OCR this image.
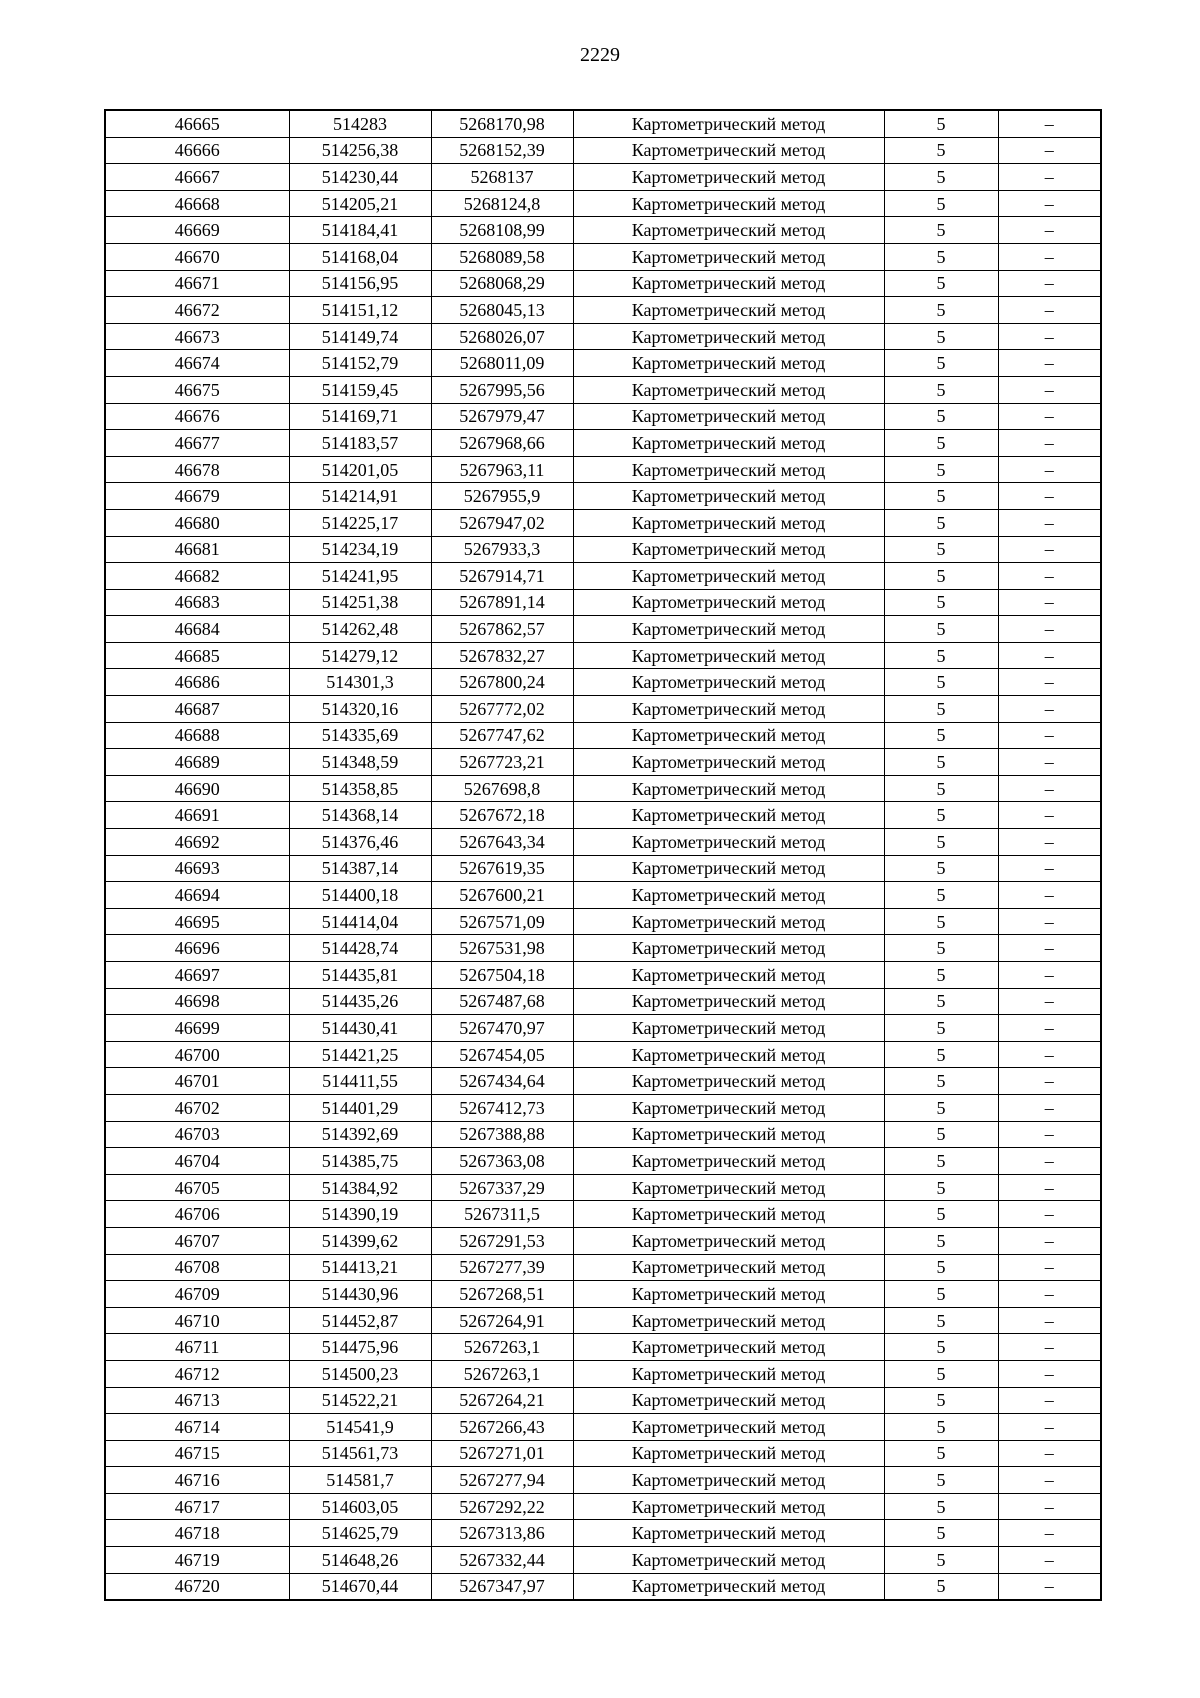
2229
46665	514283	5268170,98	Картометрический метод	5	–
46666	514256,38	5268152,39	Картометрический метод	5	–
46667	514230,44	5268137	Картометрический метод	5	–
46668	514205,21	5268124,8	Картометрический метод	5	–
46669	514184,41	5268108,99	Картометрический метод	5	–
46670	514168,04	5268089,58	Картометрический метод	5	–
46671	514156,95	5268068,29	Картометрический метод	5	–
46672	514151,12	5268045,13	Картометрический метод	5	–
46673	514149,74	5268026,07	Картометрический метод	5	–
46674	514152,79	5268011,09	Картометрический метод	5	–
46675	514159,45	5267995,56	Картометрический метод	5	–
46676	514169,71	5267979,47	Картометрический метод	5	–
46677	514183,57	5267968,66	Картометрический метод	5	–
46678	514201,05	5267963,11	Картометрический метод	5	–
46679	514214,91	5267955,9	Картометрический метод	5	–
46680	514225,17	5267947,02	Картометрический метод	5	–
46681	514234,19	5267933,3	Картометрический метод	5	–
46682	514241,95	5267914,71	Картометрический метод	5	–
46683	514251,38	5267891,14	Картометрический метод	5	–
46684	514262,48	5267862,57	Картометрический метод	5	–
46685	514279,12	5267832,27	Картометрический метод	5	–
46686	514301,3	5267800,24	Картометрический метод	5	–
46687	514320,16	5267772,02	Картометрический метод	5	–
46688	514335,69	5267747,62	Картометрический метод	5	–
46689	514348,59	5267723,21	Картометрический метод	5	–
46690	514358,85	5267698,8	Картометрический метод	5	–
46691	514368,14	5267672,18	Картометрический метод	5	–
46692	514376,46	5267643,34	Картометрический метод	5	–
46693	514387,14	5267619,35	Картометрический метод	5	–
46694	514400,18	5267600,21	Картометрический метод	5	–
46695	514414,04	5267571,09	Картометрический метод	5	–
46696	514428,74	5267531,98	Картометрический метод	5	–
46697	514435,81	5267504,18	Картометрический метод	5	–
46698	514435,26	5267487,68	Картометрический метод	5	–
46699	514430,41	5267470,97	Картометрический метод	5	–
46700	514421,25	5267454,05	Картометрический метод	5	–
46701	514411,55	5267434,64	Картометрический метод	5	–
46702	514401,29	5267412,73	Картометрический метод	5	–
46703	514392,69	5267388,88	Картометрический метод	5	–
46704	514385,75	5267363,08	Картометрический метод	5	–
46705	514384,92	5267337,29	Картометрический метод	5	–
46706	514390,19	5267311,5	Картометрический метод	5	–
46707	514399,62	5267291,53	Картометрический метод	5	–
46708	514413,21	5267277,39	Картометрический метод	5	–
46709	514430,96	5267268,51	Картометрический метод	5	–
46710	514452,87	5267264,91	Картометрический метод	5	–
46711	514475,96	5267263,1	Картометрический метод	5	–
46712	514500,23	5267263,1	Картометрический метод	5	–
46713	514522,21	5267264,21	Картометрический метод	5	–
46714	514541,9	5267266,43	Картометрический метод	5	–
46715	514561,73	5267271,01	Картометрический метод	5	–
46716	514581,7	5267277,94	Картометрический метод	5	–
46717	514603,05	5267292,22	Картометрический метод	5	–
46718	514625,79	5267313,86	Картометрический метод	5	–
46719	514648,26	5267332,44	Картометрический метод	5	–
46720	514670,44	5267347,97	Картометрический метод	5	–
